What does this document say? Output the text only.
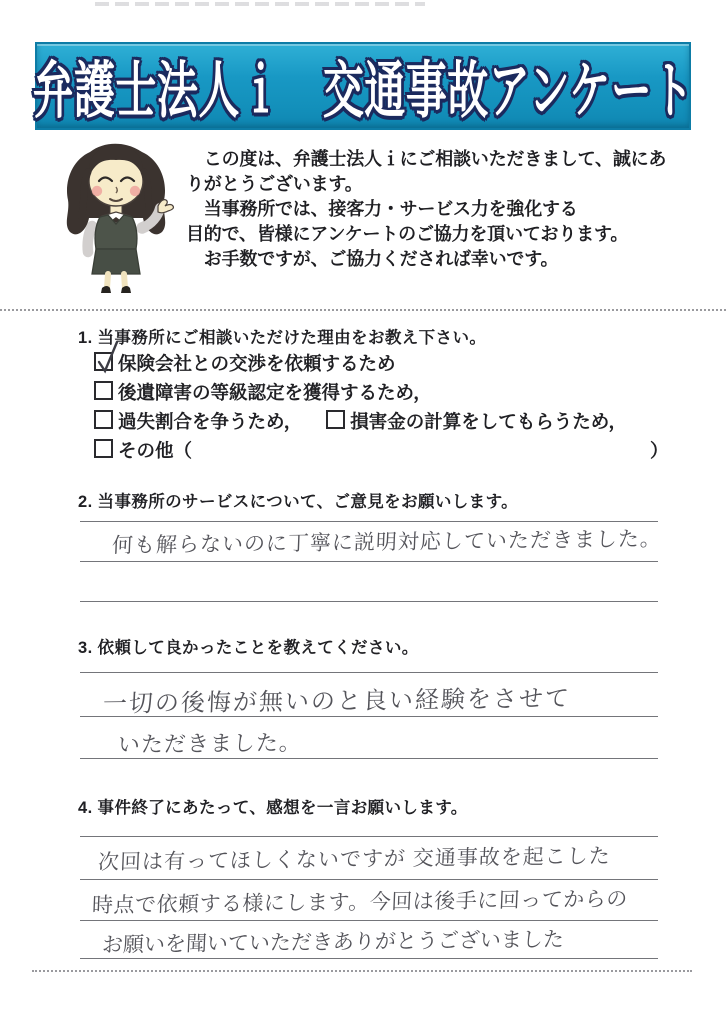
弁護士法人ｉ　交通事故アンケート
　この度は、弁護士法人ｉにご相談いただきまして、誠にあ
りがとうございます。
　当事務所では、接客力・サービス力を強化する
目的で、皆様にアンケートのご協力を頂いております。
　お手数ですが、ご協力くだされば幸いです。
1. 当事務所にご相談いただけた理由をお教え下さい。
保険会社との交渉を依頼するため
後遺障害の等級認定を獲得するため，
過失割合を争うため，	損害金の計算をしてもらうため，
その他（	）
2. 当事務所のサービスについて、ご意見をお願いします。
何も解らないのに丁寧に説明対応していただきました。
3. 依頼して良かったことを教えてください。
一切の後悔が無いのと良い経験をさせて
いただきました。
4. 事件終了にあたって、感想を一言お願いします。
次回は有ってほしくないですが 交通事故を起こした
時点で依頼する様にします。今回は後手に回ってからの
お願いを聞いていただきありがとうございました
